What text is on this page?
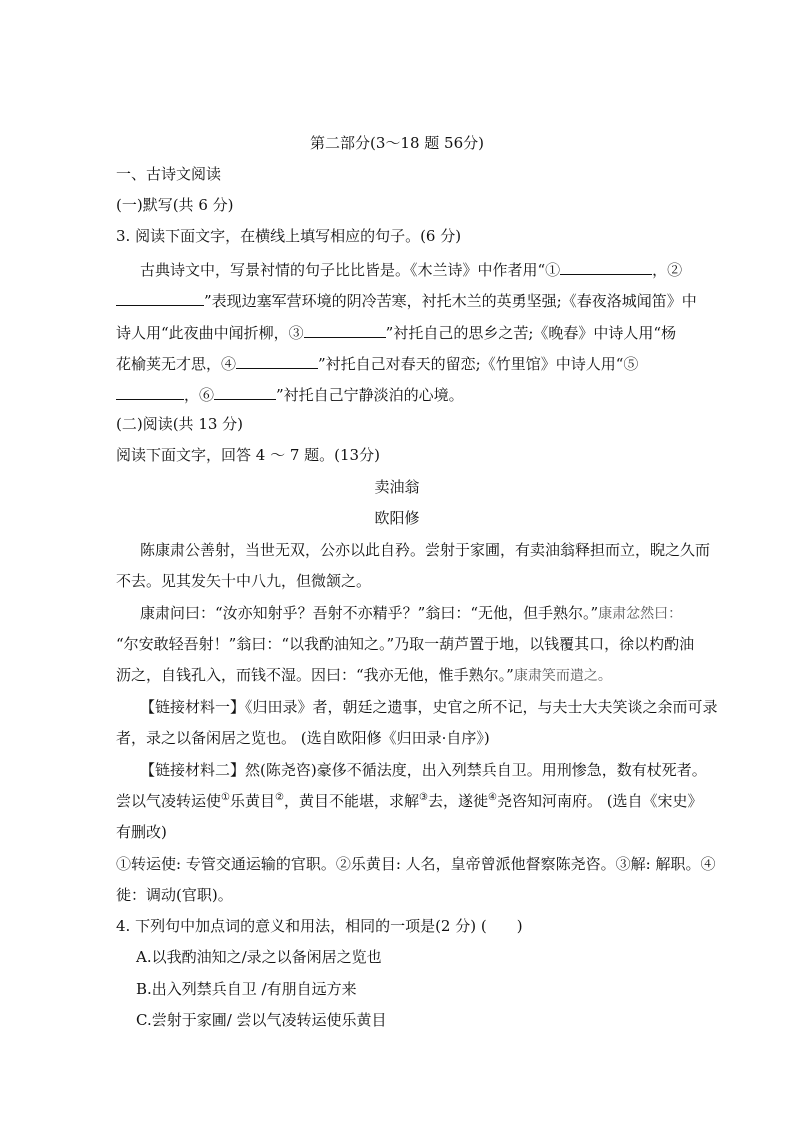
第二部分(3～18 题 56分)
一、古诗文阅读
(一)默写(共 6 分)
3. 阅读下面文字，在横线上填写相应的句子。(6 分)
古典诗文中，写景衬情的句子比比皆是。《木兰诗》中作者用“①	，②
”表现边塞军营环境的阴冷苦寒，衬托木兰的英勇坚强;《春夜洛城闻笛》中
诗人用“此夜曲中闻折柳，③	”衬托自己的思乡之苦;《晚春》中诗人用“杨
花榆荚无才思，④	”衬托自己对春天的留恋;《竹里馆》中诗人用“⑤
，⑥	”衬托自己宁静淡泊的心境。
(二)阅读(共 13 分)
阅读下面文字，回答 4 ～ 7 题。(13分)
卖油翁
欧阳修
陈康肃公善射，当世无双，公亦以此自矜。尝射于家圃，有卖油翁释担而立，睨之久而
不去。见其发矢十中八九，但微颔之。
康肃问曰：“汝亦知射乎？吾射不亦精乎？”翁曰：“无他，但手熟尔。”康肃忿然曰：
“尔安敢轻吾射！”翁曰：“以我酌油知之。”乃取一葫芦置于地，以钱覆其口，徐以杓酌油
沥之，自钱孔入，而钱不湿。因曰：“我亦无他，惟手熟尔。”康肃笑而遣之。
【链接材料一】《归田录》者，朝廷之遗事，史官之所不记，与夫士大夫笑谈之余而可录
者，录之以备闲居之览也。 (选自欧阳修《归田录·自序》)
【链接材料二】然(陈尧咨)豪侈不循法度，出入列禁兵自卫。用刑惨急，数有杖死者。
尝以气凌转运使①乐黄目②，黄目不能堪，求解③去，遂徙④尧咨知河南府。 (选自《宋史》
有删改)
①转运使: 专管交通运输的官职。②乐黄目: 人名，皇帝曾派他督察陈尧咨。③解: 解职。④
徙：调动(官职)。
4. 下列句中加点词的意义和用法，相同的一项是(2 分) (　　)
A.以我酌油知之/录之以备闲居之览也
B.出入列禁兵自卫 /有朋自远方来
C.尝射于家圃/ 尝以气凌转运使乐黄目
